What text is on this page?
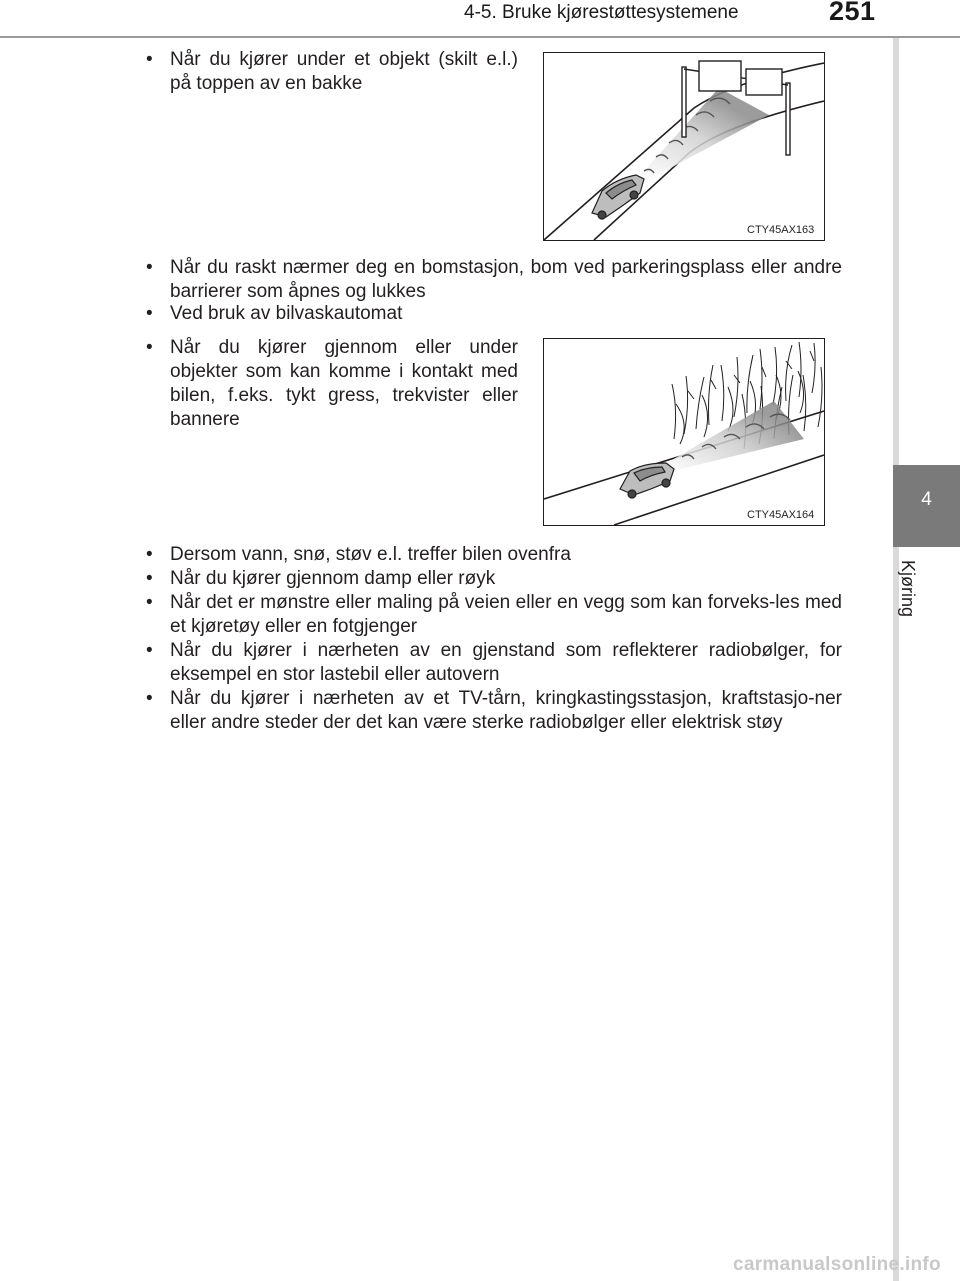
4-5. Bruke kjørestøttesystemene	251
4
Kjøring
• Når du kjører under et objekt (skilt e.l.) på toppen av en bakke
CTY45AX163
• Når du raskt nærmer deg en bomstasjon, bom ved parkeringsplass eller andre barrierer som åpnes og lukkes
• Ved bruk av bilvaskautomat
• Når du kjører gjennom eller under objekter som kan komme i kontakt med bilen, f.eks. tykt gress, trekvister eller bannere
CTY45AX164
• Dersom vann, snø, støv e.l. treffer bilen ovenfra
• Når du kjører gjennom damp eller røyk
• Når det er mønstre eller maling på veien eller en vegg som kan forveks-les med et kjøretøy eller en fotgjenger
• Når du kjører i nærheten av en gjenstand som reflekterer radiobølger, for eksempel en stor lastebil eller autovern
• Når du kjører i nærheten av et TV-tårn, kringkastingsstasjon, kraftstasjo-ner eller andre steder der det kan være sterke radiobølger eller elektrisk støy
carmanualsonline.info
